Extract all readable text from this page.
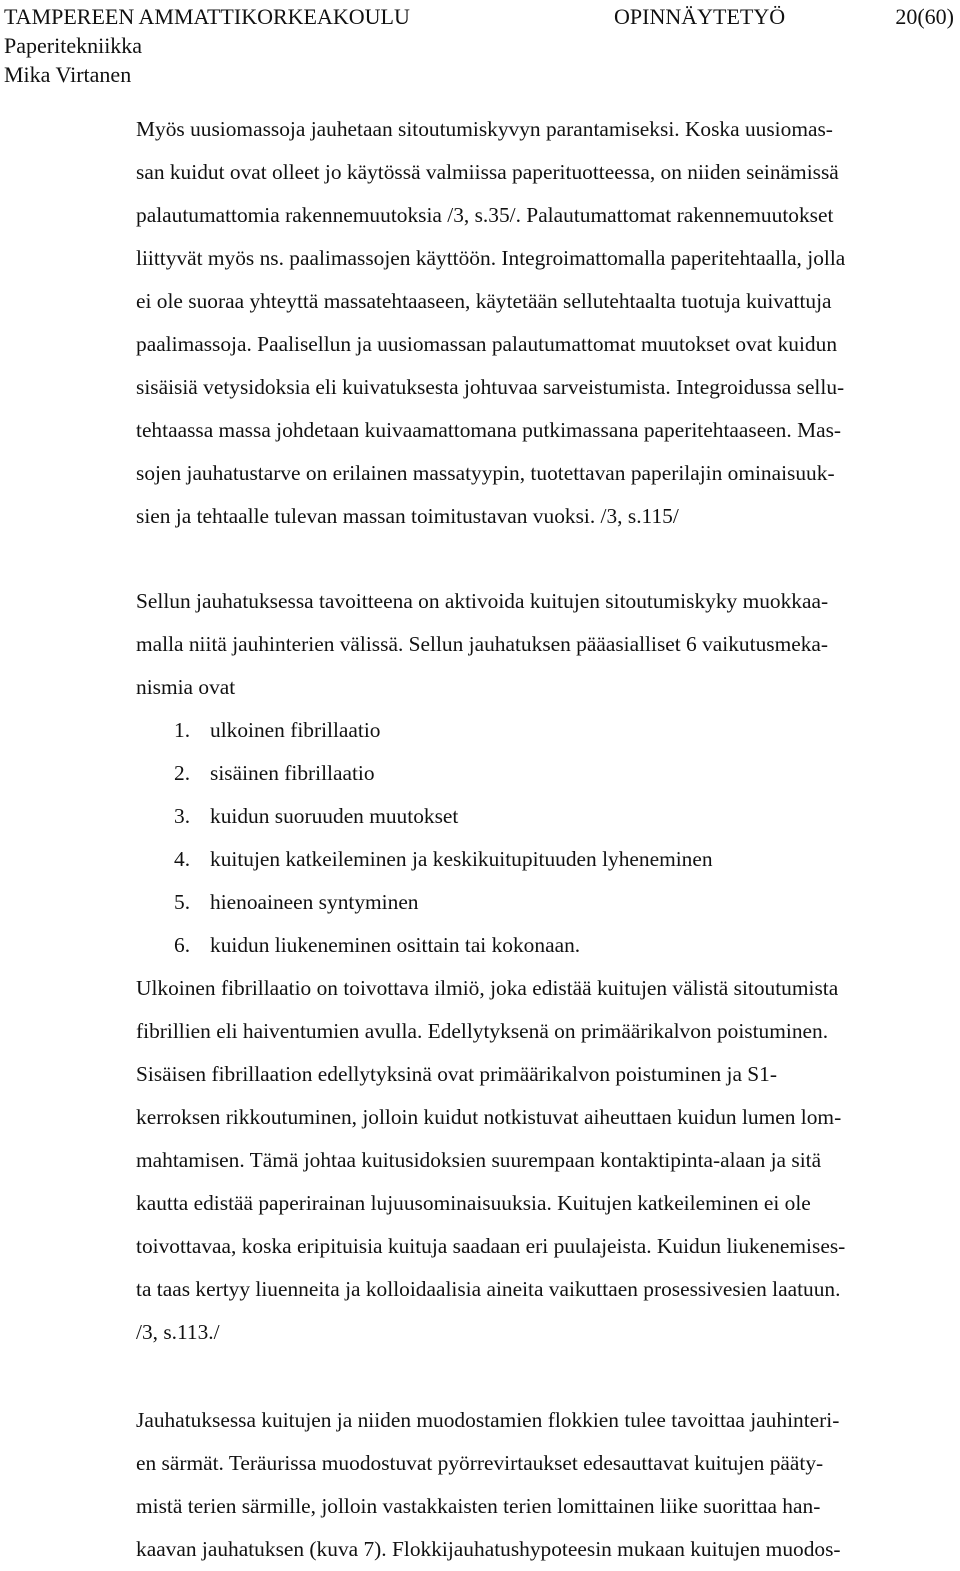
TAMPEREEN AMMATTIKORKEAKOULU	OPINNÄYTETYÖ	20(60)
Paperitekniikka
Mika Virtanen

Myös uusiomassoja jauhetaan sitoutumiskyvyn parantamiseksi. Koska uusiomas-
san kuidut ovat olleet jo käytössä valmiissa paperituotteessa, on niiden seinämissä
palautumattomia rakennemuutoksia /3, s.35/. Palautumattomat rakennemuutokset
liittyvät myös ns. paalimassojen käyttöön. Integroimattomalla paperitehtaalla, jolla
ei ole suoraa yhteyttä massatehtaaseen, käytetään sellutehtaalta tuotuja kuivattuja
paalimassoja. Paalisellun ja uusiomassan palautumattomat muutokset ovat kuidun
sisäisiä vetysidoksia eli kuivatuksesta johtuvaa sarveistumista. Integroidussa sellu-
tehtaassa massa johdetaan kuivaamattomana putkimassana paperitehtaaseen. Mas-
sojen jauhatustarve on erilainen massatyypin, tuotettavan paperilajin ominaisuuk-
sien ja tehtaalle tulevan massan toimitustavan vuoksi. /3, s.115/

Sellun jauhatuksessa tavoitteena on aktivoida kuitujen sitoutumiskyky muokkaa-
malla niitä jauhinterien välissä. Sellun jauhatuksen pääasialliset 6 vaikutusmeka-
nismia ovat

1. ulkoinen fibrillaatio
2. sisäinen fibrillaatio
3. kuidun suoruuden muutokset
4. kuitujen katkeileminen ja keskikuitupituuden lyheneminen
5. hienoaineen syntyminen
6. kuidun liukeneminen osittain tai kokonaan.

Ulkoinen fibrillaatio on toivottava ilmiö, joka edistää kuitujen välistä sitoutumista
fibrillien eli haiventumien avulla. Edellytyksenä on primäärikalvon poistuminen.
Sisäisen fibrillaation edellytyksinä ovat primäärikalvon poistuminen ja S1-
kerroksen rikkoutuminen, jolloin kuidut notkistuvat aiheuttaen kuidun lumen lom-
mahtamisen. Tämä johtaa kuitusidoksien suurempaan kontaktipinta-alaan ja sitä
kautta edistää paperirainan lujuusominaisuuksia. Kuitujen katkeileminen ei ole
toivottavaa, koska eripituisia kuituja saadaan eri puulajeista. Kuidun liukenemises-
ta taas kertyy liuenneita ja kolloidaalisia aineita vaikuttaen prosessivesien laatuun.
/3, s.113./

Jauhatuksessa kuitujen ja niiden muodostamien flokkien tulee tavoittaa jauhinteri-
en särmät. Teräurissa muodostuvat pyörrevirtaukset edesauttavat kuitujen pääty-
mistä terien särmille, jolloin vastakkaisten terien lomittainen liike suorittaa han-
kaavan jauhatuksen (kuva 7). Flokkijauhatushypoteesin mukaan kuitujen muodos-
